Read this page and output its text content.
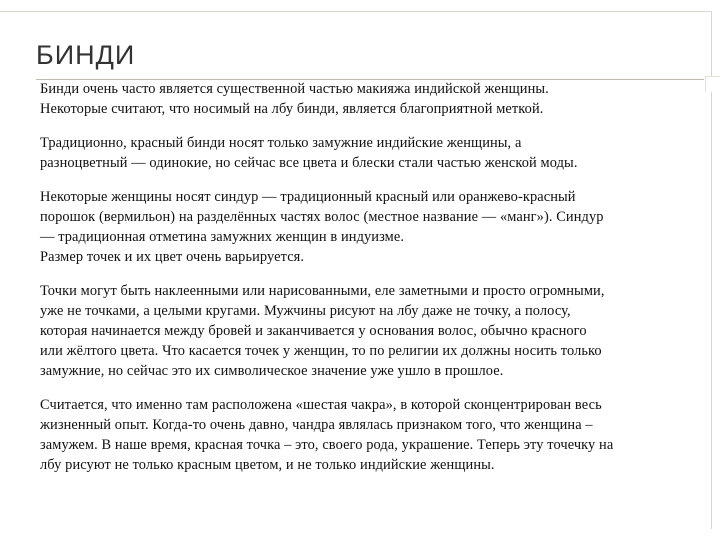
БИНДИ

Бинди очень часто является существенной частью макияжа индийской женщины.
Некоторые считают, что носимый на лбу бинди, является благоприятной меткой.

Традиционно, красный бинди носят только замужние индийские женщины, а
разноцветный — одинокие, но сейчас все цвета и блески стали частью женской моды.

Некоторые женщины носят синдур — традиционный красный или оранжево-красный
порошок (вермильон) на разделённых частях волос (местное название — «манг»). Синдур
— традиционная отметина замужних женщин в индуизме.
Размер точек и их цвет очень варьируется.

Точки могут быть наклеенными или нарисованными, еле заметными и просто огромными,
уже не точками, а целыми кругами. Мужчины рисуют на лбу даже не точку, а полосу,
которая начинается между бровей и заканчивается у основания волос, обычно красного
или жёлтого цвета. Что касается точек у женщин, то по религии их должны носить только
замужние, но сейчас это их символическое значение уже ушло в прошлое.

Считается, что именно там расположена «шестая чакра», в которой сконцентрирован весь
жизненный опыт. Когда-то очень давно, чандра являлась признаком того, что женщина –
замужем. В наше время, красная точка – это, своего рода, украшение. Теперь эту точечку на
лбу рисуют не только красным цветом, и не только индийские женщины.
